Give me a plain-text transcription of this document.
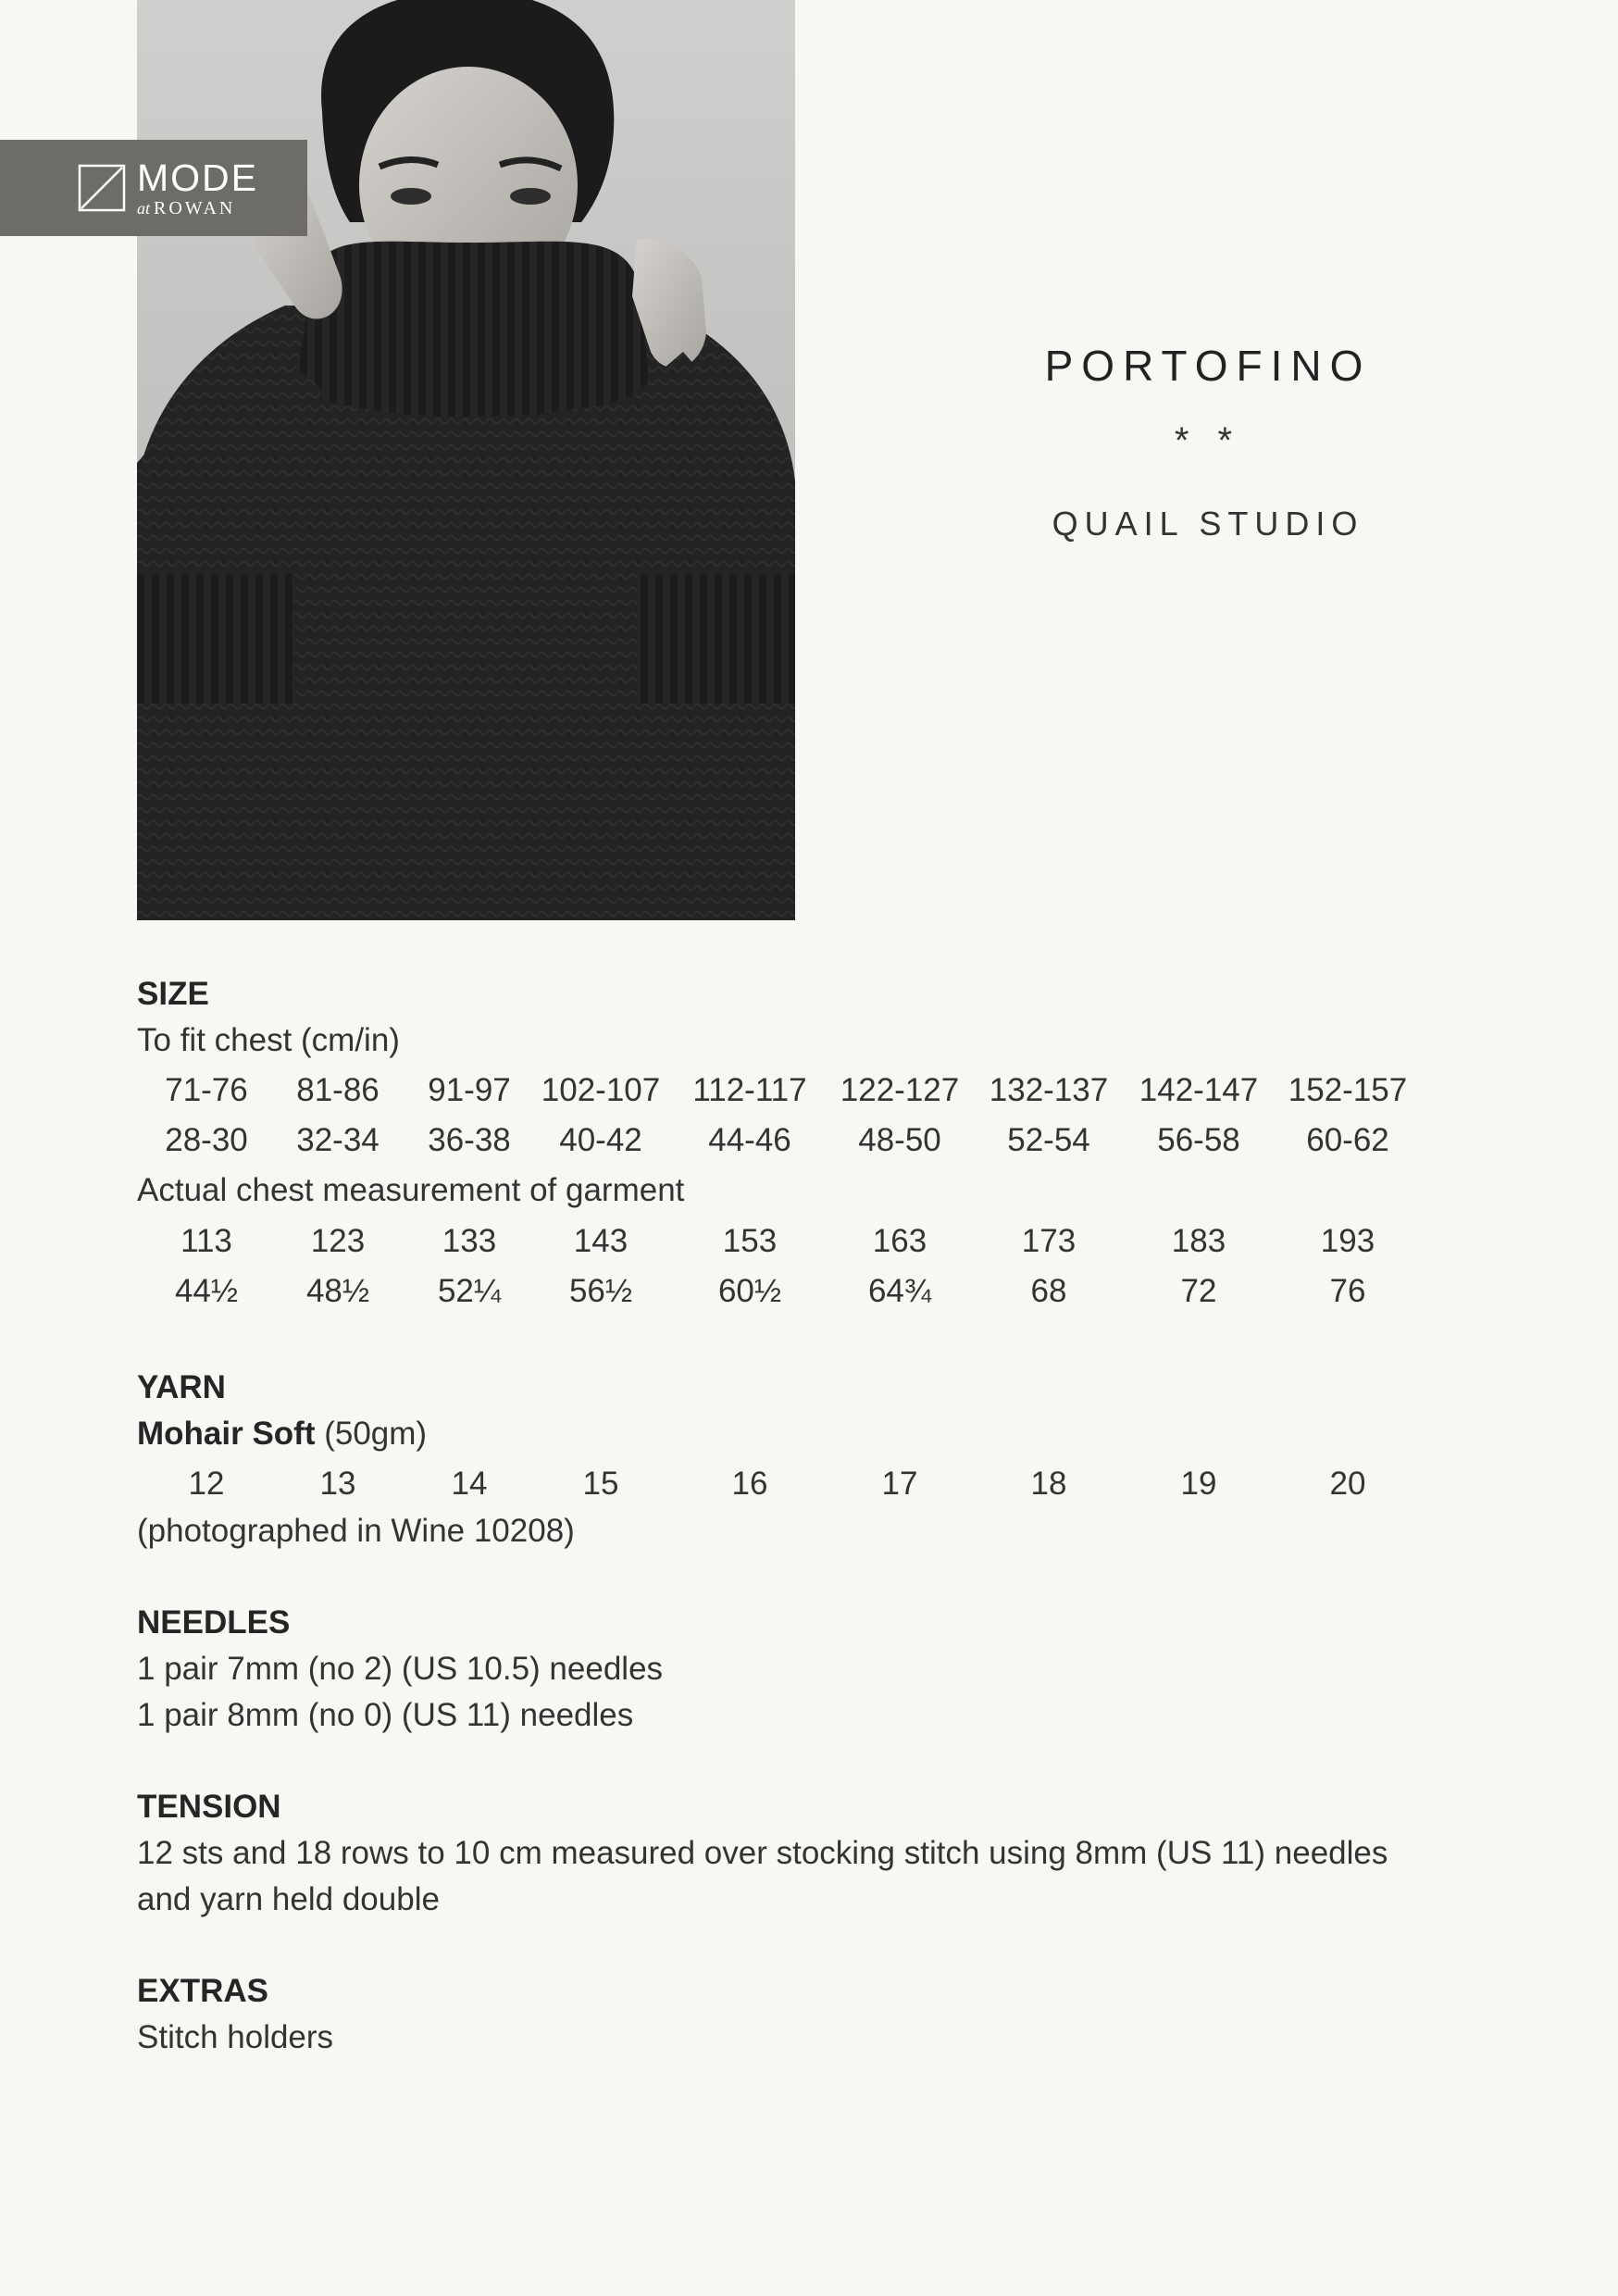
MODE
at ROWAN
PORTOFINO
* *
QUAIL STUDIO
SIZE
To fit chest (cm/in)
71-76	81-86	91-97 102-107	112-117	122-127 132-137 142-147 152-157
28-30	32-34	36-38	40-42	44-46	48-50	52-54	56-58	60-62
Actual chest measurement of garment
113	123	133	143	153	163	173	183	193
44½	48½	52¼	56½	60½	64¾	68	72	76
YARN
Mohair Soft (50gm)
12	13	14	15	16	17	18	19	20
(photographed in Wine 10208)
NEEDLES
1 pair 7mm (no 2) (US 10.5) needles
1 pair 8mm (no 0) (US 11) needles
TENSION
12 sts and 18 rows to 10 cm measured over stocking stitch using 8mm (US 11) needles
and yarn held double
EXTRAS
Stitch holders
